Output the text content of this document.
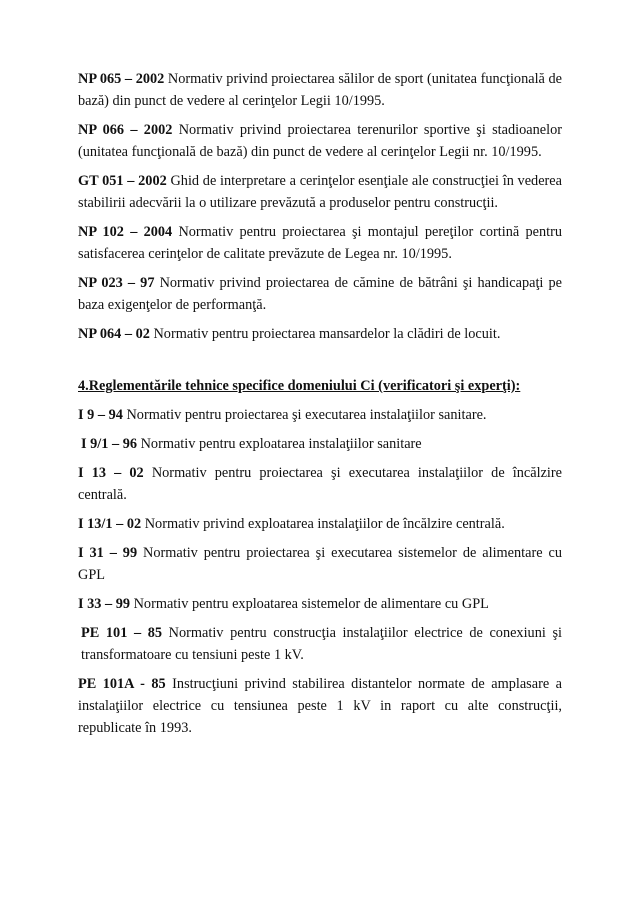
NP 065 – 2002 Normativ privind proiectarea sălilor de sport (unitatea funcţională de bază) din punct de vedere al cerinţelor Legii 10/1995.

NP 066 – 2002 Normativ privind proiectarea terenurilor sportive şi stadioanelor (unitatea funcţională de bază) din punct de vedere al cerinţelor Legii nr. 10/1995.

GT 051 – 2002 Ghid de interpretare a cerinţelor esenţiale ale construcţiei în vederea stabilirii adecvării la o utilizare prevăzută a produselor pentru construcţii.

NP 102 – 2004 Normativ pentru proiectarea şi montajul pereţilor cortină pentru satisfacerea cerinţelor de calitate prevăzute de Legea nr. 10/1995.

NP 023 – 97 Normativ privind proiectarea de cămine de bătrâni şi handicapaţi pe baza exigenţelor de performanţă.

NP 064 – 02 Normativ pentru proiectarea mansardelor la clădiri de locuit.

4.Reglementările tehnice specifice domeniului Ci (verificatori şi experţi):

I 9 – 94 Normativ pentru proiectarea şi executarea instalaţiilor sanitare.

I 9/1 – 96 Normativ pentru exploatarea instalaţiilor sanitare

I 13 – 02 Normativ pentru proiectarea şi executarea instalaţiilor de încălzire centrală.

I 13/1 – 02 Normativ privind exploatarea instalaţiilor de încălzire centrală.

I 31 – 99 Normativ pentru proiectarea şi executarea sistemelor de alimentare cu GPL

I 33 – 99 Normativ pentru exploatarea sistemelor de alimentare cu GPL

PE 101 – 85 Normativ pentru construcţia instalaţiilor electrice de conexiuni şi transformatoare cu tensiuni peste 1 kV.

PE 101A - 85 Instrucţiuni privind stabilirea distantelor normate de amplasare a instalaţiilor electrice cu tensiunea peste 1 kV in raport cu alte construcţii, republicate în 1993.
